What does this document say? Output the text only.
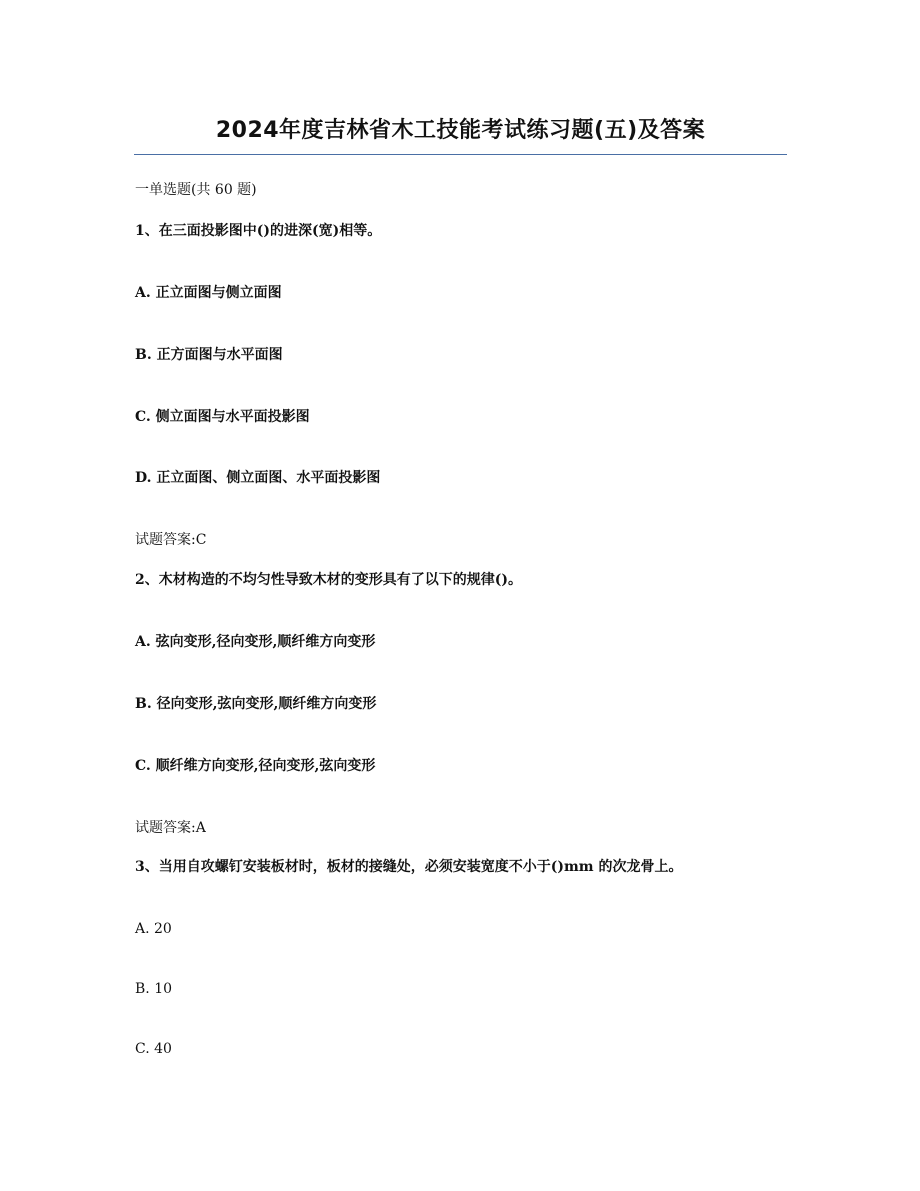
2024年度吉林省木工技能考试练习题(五)及答案
一单选题(共 60 题)
1、在三面投影图中()的进深(宽)相等。
A. 正立面图与侧立面图
B. 正方面图与水平面图
C. 侧立面图与水平面投影图
D. 正立面图、侧立面图、水平面投影图
试题答案:C
2、木材构造的不均匀性导致木材的变形具有了以下的规律()。
A. 弦向变形,径向变形,顺纤维方向变形
B. 径向变形,弦向变形,顺纤维方向变形
C. 顺纤维方向变形,径向变形,弦向变形
试题答案:A
3、当用自攻螺钉安装板材时，板材的接缝处，必须安装宽度不小于()mm 的次龙骨上。
A. 20
B. 10
C. 40
